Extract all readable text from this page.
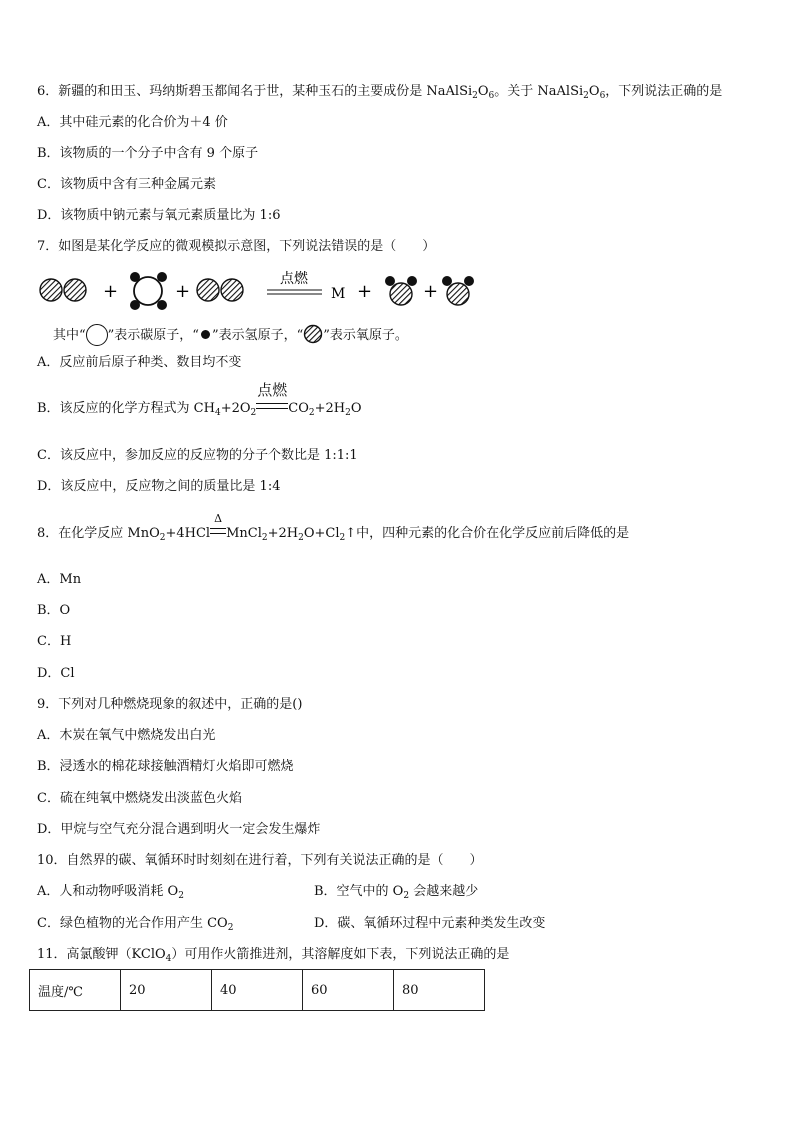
6．新疆的和田玉、玛纳斯碧玉都闻名于世，某种玉石的主要成份是 $NaAlSi_2O_6$。关于 $NaAlSi_2O_6$，下列说法正确的是
A．其中硅元素的化合价为＋4 价
B．该物质的一个分子中含有 9 个原子
C．该物质中含有三种金属元素
D．该物质中钠元素与氧元素质量比为 1:6
7．如图是某化学反应的微观模拟示意图，下列说法错误的是（　　）
+	+
点燃
M +	+
其中“ ”表示碳原子，“ ”表示氢原子，“ ”表示氧原子。
A．反应前后原子种类、数目均不变
B．该反应的化学方程式为 $CH_4+2O_2$
点燃
$CO_2+2H_2O$
C．该反应中，参加反应的反应物的分子个数比是 1:1:1
D．该反应中，反应物之间的质量比是 1:4
8．在化学反应 MnO$_2$+4HCl
Δ
$MnCl_2+2H_2O+Cl_2↑$中，四种元素的化合价在化学反应前后降低的是
A．Mn
B．O
C．H
D．Cl
9．下列对几种燃烧现象的叙述中，正确的是()
A．木炭在氧气中燃烧发出白光
B．浸透水的棉花球接触酒精灯火焰即可燃烧
C．硫在纯氧中燃烧发出淡蓝色火焰
D．甲烷与空气充分混合遇到明火一定会发生爆炸
10．自然界的碳、氧循环时时刻刻在进行着，下列有关说法正确的是（　　）
A．人和动物呼吸消耗 $O_2$	B．空气中的 $O_2$ 会越来越少
C．绿色植物的光合作用产生 $CO_2$	D．碳、氧循环过程中元素种类发生改变
11．高氯酸钾（KClO$_4$）可用作火箭推进剂，其溶解度如下表，下列说法正确的是
温度/℃	20	40	60	80
